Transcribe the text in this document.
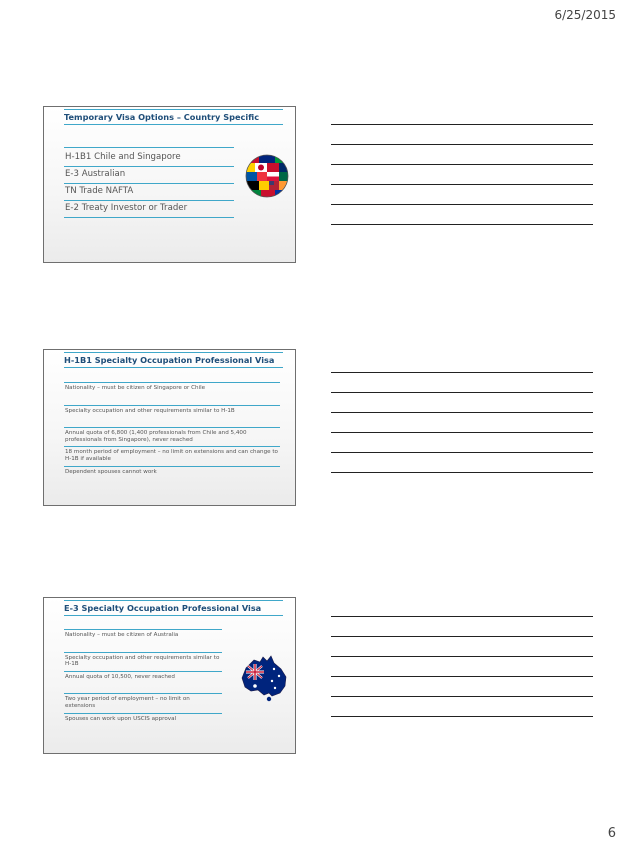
6/25/2015
Temporary Visa Options – Country Specific
H-1B1 Chile and Singapore
E-3 Australian
TN Trade NAFTA
E-2 Treaty Investor or Trader
H-1B1 Specialty Occupation Professional Visa
Nationality – must be citizen of Singapore or Chile
Specialty occupation and other requirements similar to H-1B
Annual quota of 6,800 (1,400 professionals from Chile and 5,400 professionals from Singapore), never reached
18 month period of employment – no limit on extensions and can change to H-1B if available
Dependent spouses cannot work
E-3 Specialty Occupation Professional Visa
Nationality – must be citizen of Australia
Specialty occupation and other requirements similar to H-1B
Annual quota of 10,500, never reached
Two year period of employment – no limit on extensions
Spouses can work upon USCIS approval
6
